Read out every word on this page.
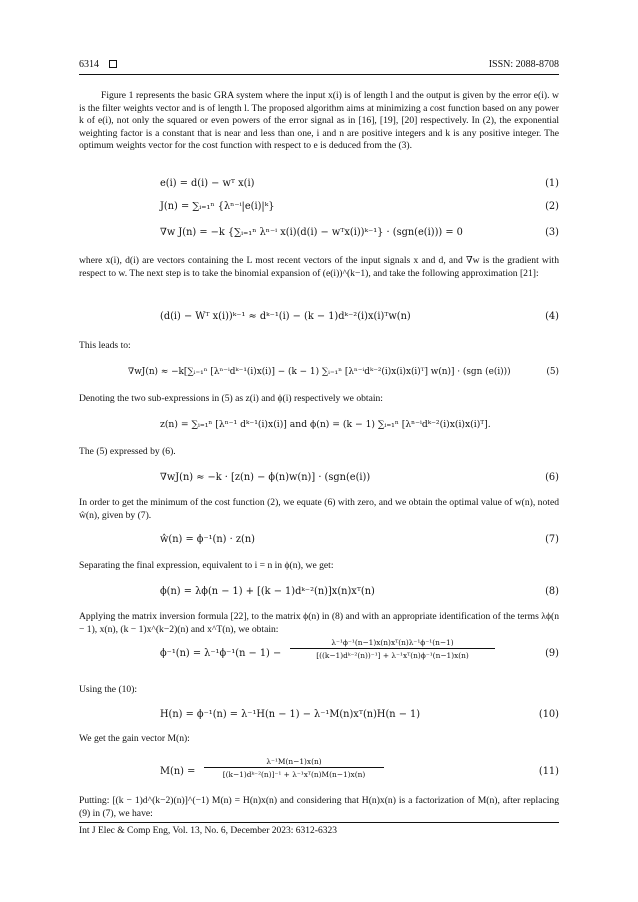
6314	ISSN: 2088-8708
Figure 1 represents the basic GRA system where the input x(i) is of length l and the output is given by the error e(i). w is the filter weights vector and is of length l. The proposed algorithm aims at minimizing a cost function based on any power k of e(i), not only the squared or even powers of the error signal as in [16], [19], [20] respectively. In (2), the exponential weighting factor is a constant that is near and less than one, i and n are positive integers and k is any positive integer. The optimum weights vector for the cost function with respect to e is deduced from the (3).
e(i) = d(i) − wᵀ x(i)	(1)
J(n) = ∑ᵢ₌₁ⁿ {λⁿ⁻ⁱ|e(i)|ᵏ}	(2)
∇w J(n) = −k {∑ᵢ₌₁ⁿ λⁿ⁻ⁱ x(i)(d(i) − wᵀx(i))ᵏ⁻¹} · (sgn(e(i))) = 0	(3)
where x(i), d(i) are vectors containing the L most recent vectors of the input signals x and d, and ∇w is the gradient with respect to w. The next step is to take the binomial expansion of (e(i))^(k−1), and take the following approximation [21]:
(d(i) − Wᵀ x(i))ᵏ⁻¹ ≈ dᵏ⁻¹(i) − (k − 1)dᵏ⁻²(i)x(i)ᵀw(n)	(4)
This leads to:
∇wJ(n) ≈ −k[∑ᵢ₌₁ⁿ [λⁿ⁻ⁱdᵏ⁻¹(i)x(i)] − (k − 1) ∑ᵢ₌₁ⁿ [λⁿ⁻ⁱdᵏ⁻²(i)x(i)x(i)ᵀ] w(n)] · (sgn (e(i)))	(5)
Denoting the two sub-expressions in (5) as z(i) and ϕ(i) respectively we obtain:
z(n) = ∑ᵢ₌₁ⁿ [λⁿ⁻¹ dᵏ⁻¹(i)x(i)] and ϕ(n) = (k − 1) ∑ᵢ₌₁ⁿ [λⁿ⁻ⁱdᵏ⁻²(i)x(i)x(i)ᵀ].
The (5) expressed by (6).
∇wJ(n) ≈ −k · [z(n) − ϕ(n)w(n)] · (sgn(e(i))	(6)
In order to get the minimum of the cost function (2), we equate (6) with zero, and we obtain the optimal value of w(n), noted ŵ(n), given by (7).
ŵ(n) = ϕ⁻¹(n) · z(n)	(7)
Separating the final expression, equivalent to i = n in ϕ(n), we get:
ϕ(n) = λϕ(n − 1) + [(k − 1)dᵏ⁻²(n)]x(n)xᵀ(n)	(8)
Applying the matrix inversion formula [22], to the matrix ϕ(n) in (8) and with an appropriate identification of the terms λϕ(n − 1), x(n), (k − 1)x^(k−2)(n) and x^T(n), we obtain:
ϕ⁻¹(n) = λ⁻¹ϕ⁻¹(n − 1) −
λ⁻¹ϕ⁻¹(n−1)x(n)xᵀ(n)λ⁻¹ϕ⁻¹(n−1)
[((k−1)dᵏ⁻²(n))⁻¹] + λ⁻¹xᵀ(n)ϕ⁻¹(n−1)x(n)	(9)
Using the (10):
H(n) = ϕ⁻¹(n) = λ⁻¹H(n − 1) − λ⁻¹M(n)xᵀ(n)H(n − 1)	(10)
We get the gain vector M(n):
M(n) =
λ⁻¹M(n−1)x(n)
[(k−1)dᵏ⁻²(n)]⁻¹ + λ⁻¹xᵀ(n)M(n−1)x(n)	(11)
Putting: [(k − 1)d^(k−2)(n)]^(−1) M(n) = H(n)x(n) and considering that H(n)x(n) is a factorization of M(n), after replacing (9) in (7), we have:
Int J Elec & Comp Eng, Vol. 13, No. 6, December 2023: 6312-6323
